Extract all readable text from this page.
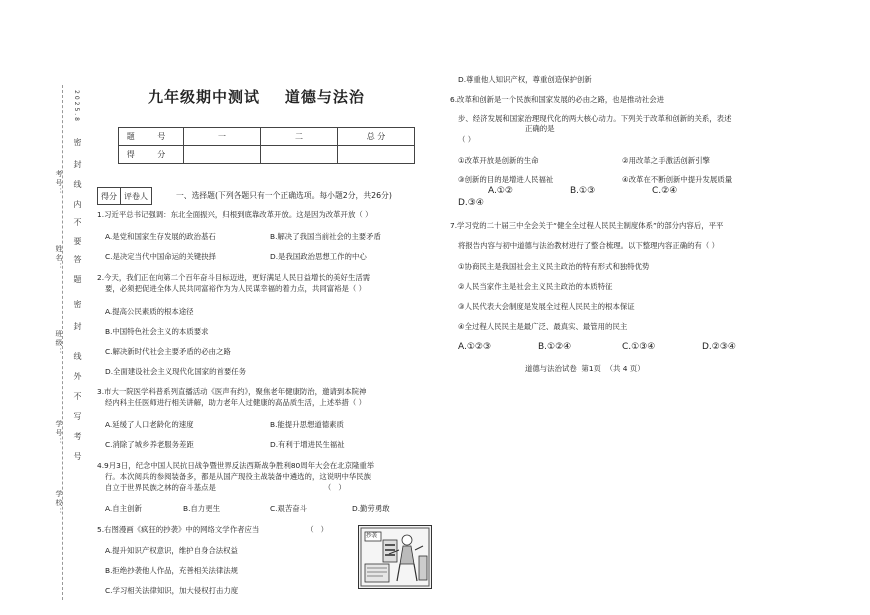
2025.8
密
封
线
内
不
要
答
题
密
封
线
外
不
写
考
号
考号：
姓名：
班级：
学号：
学校：
九年级期中测试    道德与法治
题 号	一	二	总 分
得 分			
得分	评卷人	一、选择题(下列各题只有一个正确选项。每小题2分，共26分)
1.习近平总书记强调：东北全面振兴，归根到底靠改革开放。这是因为改革开放（ ）
A.是党和国家生存发展的政治基石	B.解决了我国当前社会的主要矛盾
C.是决定当代中国命运的关键抉择	D.是我国政治思想工作的中心
2.今天，我们正在向第二个百年奋斗目标迈进，更好满足人民日益增长的美好生活需
要，必须把促进全体人民共同富裕作为为人民谋幸福的着力点，共同富裕是（ ）
A.提高公民素质的根本途径
B.中国特色社会主义的本质要求
C.解决新时代社会主要矛盾的必由之路
D.全面建设社会主义现代化国家的首要任务
3.市大一院医学科普系列直播活动《医声有约》，聚焦老年健康防治，邀请到本院神
经内科主任医师进行相关讲解，助力老年人过健康的高品质生活，上述举措（ ）
A.延缓了人口老龄化的速度	B.能提升思想道德素质
C.消除了城乡养老服务差距	D.有利于增进民生福祉
4.9月3日，纪念中国人民抗日战争暨世界反法西斯战争胜利80周年大会在北京隆重举
行。本次阅兵的参阅装备多，都是从国产现役主战装备中遴选的，这说明中华民族
自立于世界民族之林的奋斗基点是                                              （   ）
A.自主创新	B.自力更生	C.艰苦奋斗	D.勤劳勇敢
5.右图漫画《疯狂的抄袭》中的网络文学作者应当                    （   ）
A.提升知识产权意识，维护自身合法权益
B.拒绝抄袭他人作品，充善相关法律法规
C.学习相关法律知识，加大侵权打击力度
抄袭
D.尊重他人知识产权，尊重创造保护创新
6.改革和创新是一个民族和国家发展的必由之路，也是推动社会进
步、经济发展和国家治理现代化的两大核心动力。下列关于改革和创新的关系，表述
正确的是
（ ）
①改革开放是创新的生命	②用改革之手激活创新引擎
③创新的目的是增进人民福祉	④改革在不断创新中提升发展质量
A.①②	B.①③	C.②④
D.③④
7.学习党的二十届三中全会关于“健全全过程人民民主制度体系”的部分内容后，平平
将报告内容与初中道德与法治教材进行了整合梳理。以下整理内容正确的有（ ）
①协商民主是我国社会主义民主政治的特有形式和独特优势
②人民当家作主是社会主义民主政治的本质特征
③人民代表大会制度是发展全过程人民民主的根本保证
④全过程人民民主是最广泛、最真实、最管用的民主
A.①②③	B.①②④	C.①③④	D.②③④
道德与法治试卷  第1页  （共 4 页）
